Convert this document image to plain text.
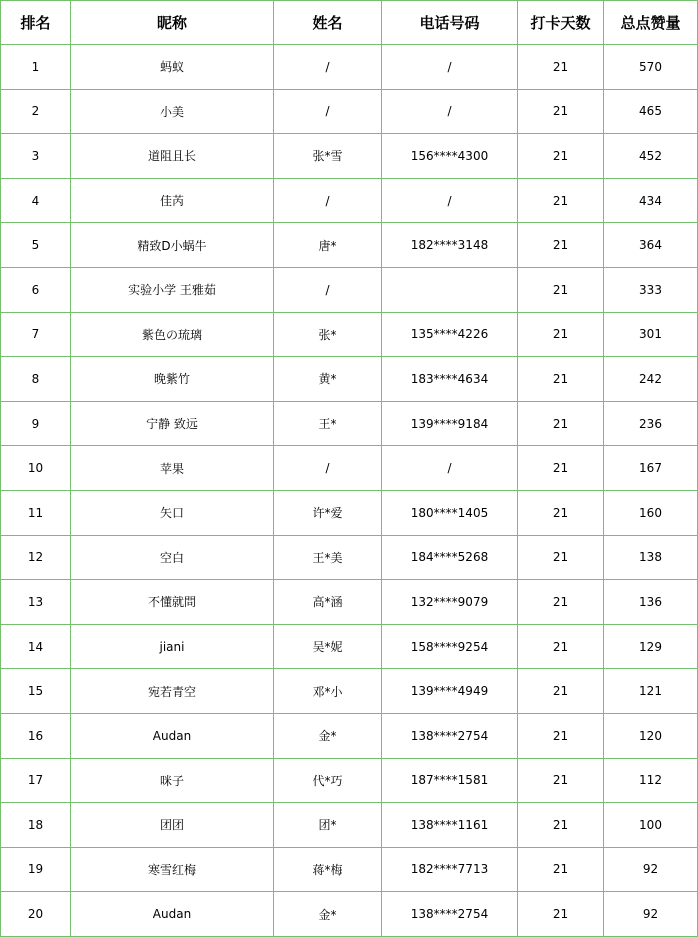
排名	昵称	姓名	电话号码	打卡天数	总点赞量
1	蚂蚁	/	/	21	570
2	小美	/	/	21	465
3	道阻且长	张*雪	156****4300	21	452
4	佳芮	/	/	21	434
5	精致D小蜗牛	唐*	182****3148	21	364
6	实验小学 王雅茹	/		21	333
7	紫色の琉璃	张*	135****4226	21	301
8	晚紫竹	黄*	183****4634	21	242
9	宁静 致远	王*	139****9184	21	236
10	苹果	/	/	21	167
11	矢口	许*爱	180****1405	21	160
12	空白	王*美	184****5268	21	138
13	不懂就問	高*涵	132****9079	21	136
14	jiani	吴*妮	158****9254	21	129
15	宛若青空	邓*小	139****4949	21	121
16	Audan	金*	138****2754	21	120
17	咪子	代*巧	187****1581	21	112
18	团团	团*	138****1161	21	100
19	寒雪红梅	蒋*梅	182****7713	21	92
20	Audan	金*	138****2754	21	92
